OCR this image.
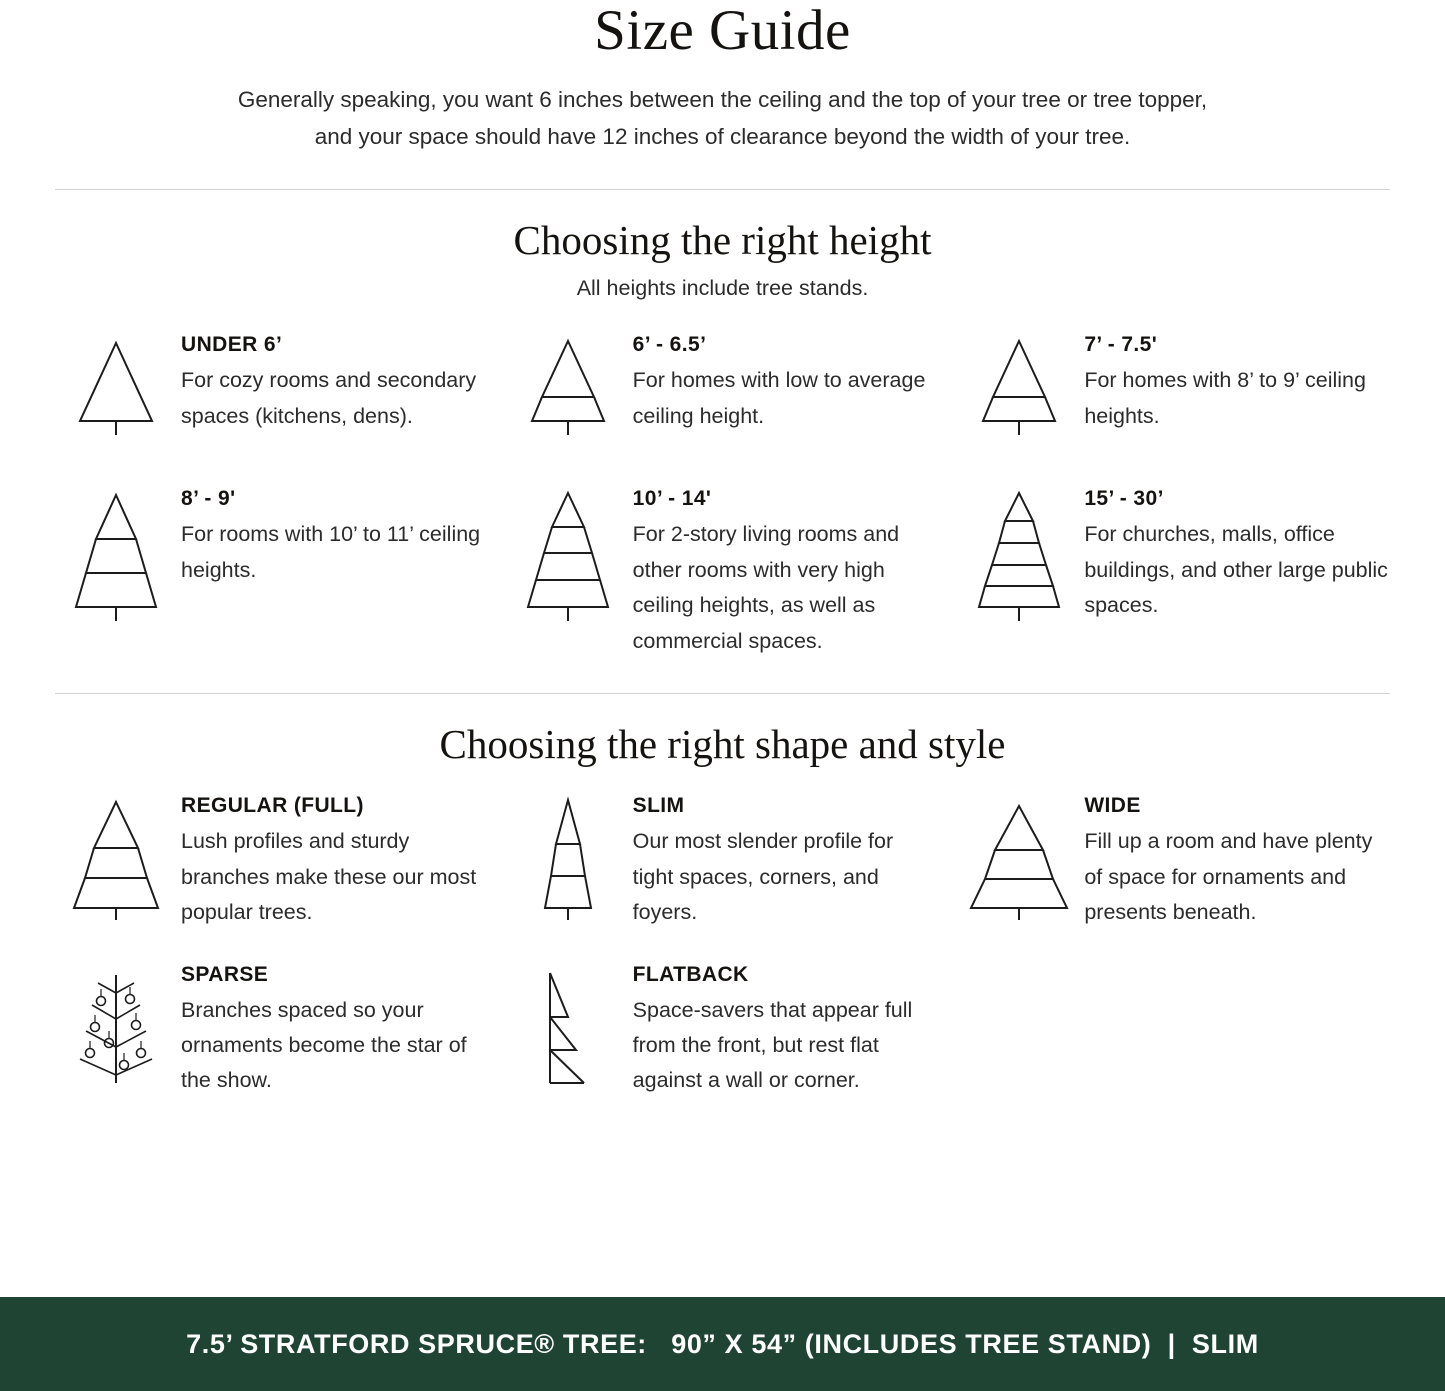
Size Guide

Generally speaking, you want 6 inches between the ceiling and the top of your tree or tree topper, and your space should have 12 inches of clearance beyond the width of your tree.

Choosing the right height

All heights include tree stands.

UNDER 6’
For cozy rooms and secondary spaces (kitchens, dens).
6’ - 6.5’
For homes with low to average ceiling height.
7’ - 7.5'
For homes with 8’ to 9’ ceiling heights.
8’ - 9'
For rooms with 10’ to 11’ ceiling heights.
10’ - 14'
For 2-story living rooms and other rooms with very high ceiling heights, as well as commercial spaces.
15’ - 30’
For churches, malls, office buildings, and other large public spaces.
Choosing the right shape and style
REGULAR (FULL)
Lush profiles and sturdy branches make these our most popular trees.
SLIM
Our most slender profile for tight spaces, corners, and foyers.
WIDE
Fill up a room and have plenty of space for ornaments and presents beneath.
SPARSE
Branches spaced so your ornaments become the star of the show.
FLATBACK
Space-savers that appear full from the front, but rest flat against a wall or corner.
7.5’ STRATFORD SPRUCE® TREE:   90” X 54” (INCLUDES TREE STAND)  |  SLIM
